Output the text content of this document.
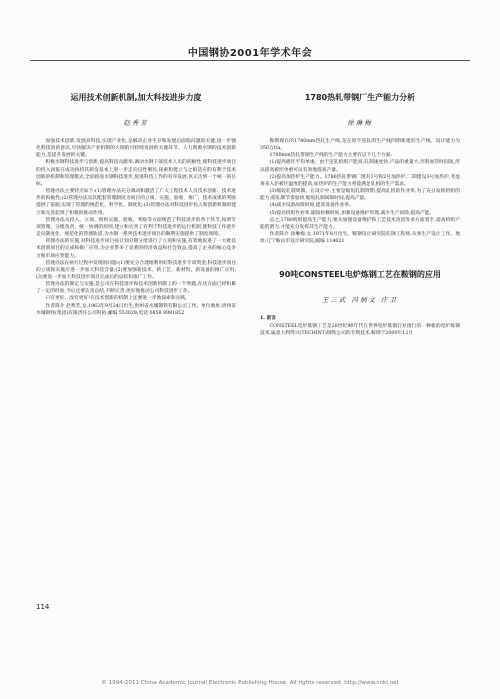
中国钢协2001年学术年会
运用技术创新机制,加大科技进步力度
赵秀芳

加强技术创新,发展高科技,实现产业化,是解决企业生存和发展后面临问题的关键,进一步强化科技创新意识,尽快解决产业机制的大钢的可持续发展的关键环节。人力资源水钢的技术创新能力,是提升发展的关键。

积极水钢科技进步与创新,提高科技贡献率,调动水钢干部技术人员的积极性,使科技进步项目的投入回报在成功扶持其研发基本上进一步走向良性循环,探索和建立与之相适应的有利于技术创新的机制和管理模式,全面推进水钢科技进步,促进科技工作的有序发展,真正达到一个统一的目标。

管理办法主要特点如下:(1)管理办法充分调动和激活了广大工程技术人员技术创新、技术进步的积极性;(2)管理办法及其配套管理制度为项目的立项、实施、验收、推广、技术成果的奖励提供了依据,实现了管理的规范化、科学化、制度化;(3)管理办法对科技进步投入和创新机制的建立和完善起到了积极的推动作用。

管理办法从投入、立项、组织实施、验收、奖励等方面规范了科技进步的各个环节,按照专项管理、分级负责、统一协调的原则,建立和完善了有利于科技进步的运行机制,使科技工作逐步走向制度化、规范化的管理轨道,为水钢一系列技术进步项目的顺利实施提供了制度保障。

管理办法的实施,对科技进步项目按计划分期分批进行了立项和实施,有效地促进了一大批技术创新项目的完成和推广应用,为企业带来了显著的经济效益和社会效益,提高了企业的核心竞争力和市场应变能力。

管理办法在执行过程中发现的问题:(1)要充分合理地利用好科技进步专项资金,科技进步项目的立项和实施应进一步加大科技含量;(2)要加强新技术、新工艺、新材料、新设备的推广应用;(3)要进一步加大科技进步项目完成后的总结和推广工作。

管理办法的制定与实施,是公司在科技进步和技术创新机制上的一个突破,在这方面已经积累了一定的经验,今后还要认真总结,不断完善,更好地推动公司科技进步工作。

只有更好、改有更好!在技术创新的机制上还要进一步地探索和实践。

作者简介 赵秀芳,女,1962年9月24日出生,贵州省水城钢铁有限公司工作。单位地址:贵州省水城钢铁(集团)有限责任公司科协,邮编 553028;电话 0858 8981852

1780热轧带钢厂生产能力分析
徐琳梅

鞍钢现在的1780mm热轧生产线,是在原半连轧的生产线四期新建的生产线。设计能力为350万t/a。

1780mm热轧带钢生产线的生产能力主要有以下几个方面:

(1)提高板坯平均单重。由于连轧机组产能高,轧制速度快,产品的重量大,坯料加热时间短,所以提高板坯单重可以有效地提高产量。

(2)提高加热炉生产能力。1780热轧带钢厂现有1号和2号加热炉,二期建设3号加热炉,考虑将来入炉板坯温度的提高,加热炉的生产能力将能满足轧机的生产需求。

(3)缩短轧制周期。在设计中,主要是缩短轧制周期,提高轧机的作业率,为了充分发挥机组的能力,使轧制节奏加快,缩短轧制间隙时间,提高产量。

(4)减少设备故障时间,提高设备作业率。

(5)提高机组作业率,缩短检修时间,加强设备维护管理,减少生产故障,提高产能。

总之,1780机组提高生产能力,要从加强设备维护和工艺技术改进等多方面着手,提高机组产能的潜力,才能充分发挥其生产能力。

作者简介 徐琳梅,女,1971年8月出生。鞍钢设计研究院轧钢工程师,从事生产设计工作。地址:辽宁鞍山市设计研究院,邮编 114021

90吨CONSTEEL电炉炼钢工艺在鞍钢的应用
王三武 冯炳文 庄卫

1. 前言

CONSTEEL电炉炼钢工艺是20世纪90年代在世界电炉炼钢行业推行的一种新的电炉炼钢技术,属意大利得兴(TECHINT)钢铁公司的专利技术,鞍钢于2000年12月

114
© 1994-2011 China Academic Journal Electronic Publishing House. All rights reserved. http://www.cnki.net
